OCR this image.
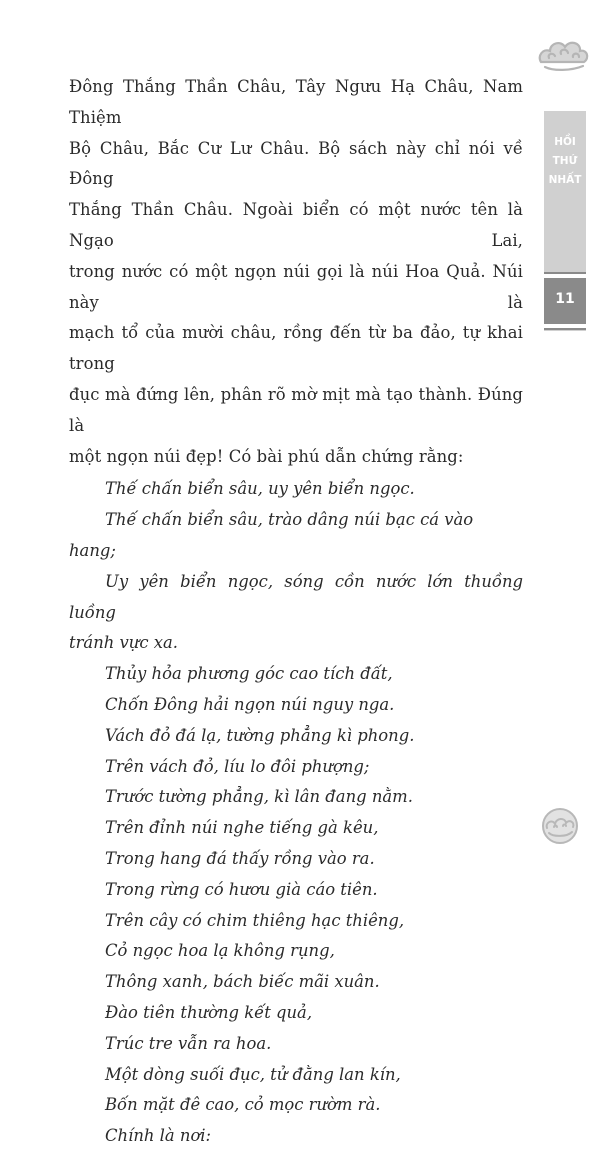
Đông Thắng Thần Châu, Tây Ngưu Hạ Châu, Nam Thiệm

Bộ Châu, Bắc Cư Lư Châu. Bộ sách này chỉ nói về Đông

Thắng Thần Châu. Ngoài biển có một nước tên là Ngạo Lai,

trong nước có một ngọn núi gọi là núi Hoa Quả. Núi này là

mạch tổ của mười châu, rồng đến từ ba đảo, tự khai trong

đục mà đứng lên, phân rõ mờ mịt mà tạo thành. Đúng là

một ngọn núi đẹp! Có bài phú dẫn chứng rằng:

Thế chấn biển sâu, uy yên biển ngọc.

Thế chấn biển sâu, trào dâng núi bạc cá vào hang;

Uy yên biển ngọc, sóng cồn nước lớn thuồng luồng

tránh vực xa.

Thủy hỏa phương góc cao tích đất,

Chốn Đông hải ngọn núi nguy nga.

Vách đỏ đá lạ, tường phẳng kì phong.

Trên vách đỏ, líu lo đôi phượng;

Trước tường phẳng, kì lân đang nằm.

Trên đỉnh núi nghe tiếng gà kêu,

Trong hang đá thấy rồng vào ra.

Trong rừng có hươu già cáo tiên.

Trên cây có chim thiêng hạc thiêng,

Cỏ ngọc hoa lạ không rụng,

Thông xanh, bách biếc mãi xuân.

Đào tiên thường kết quả,

Trúc tre vẫn ra hoa.

Một dòng suối đục, tử đằng lan kín,

Bốn mặt đê cao, cỏ mọc rườm rà.

Chính là nơi:

HỒI
THỨ
NHẤT
11
